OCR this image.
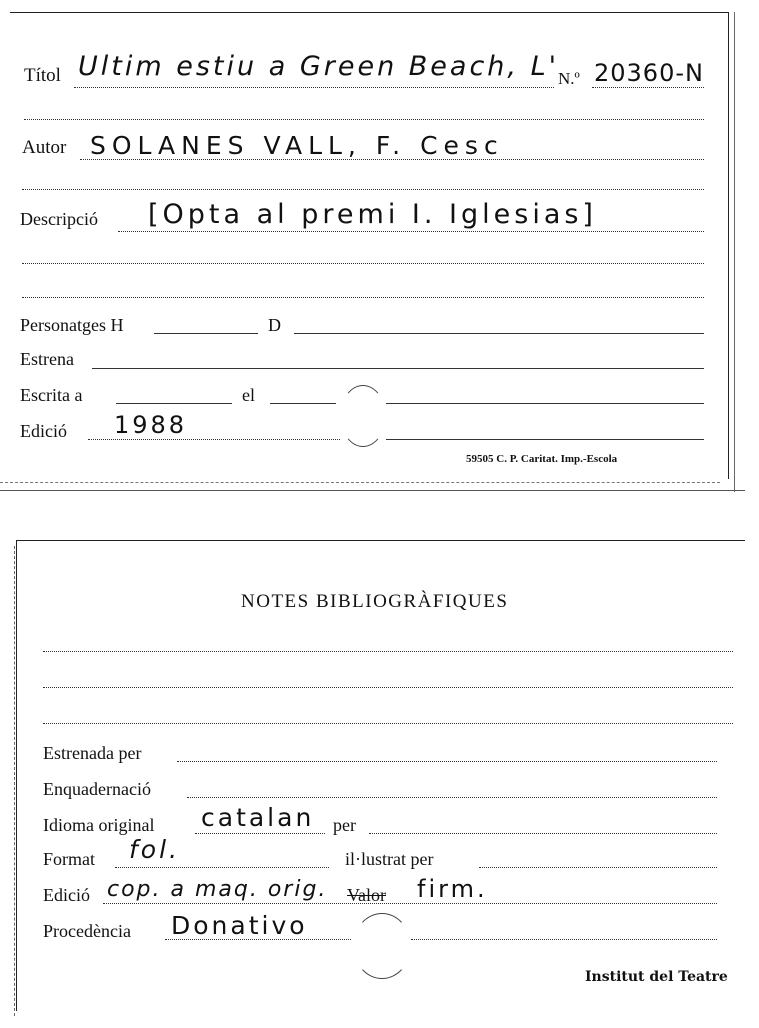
Títol Ultim estiu a Green Beach, L'
N.º 20360-N
Autor SOLANES VALL, F. Cesc
Descripció [Opta al premi I. Iglesias]
Personatges H	D
Estrena
Escrita a	el
Edició 1988
59505 C. P. Caritat. Imp.-Escola
NOTES BIBLIOGRÀFIQUES
Estrenada per
Enquadernació
Idioma original catalan per
Format fol.	il·lustrat per
Edició cop. a maq. orig. Valor firm.
Procedència Donativo
Institut del Teatre
